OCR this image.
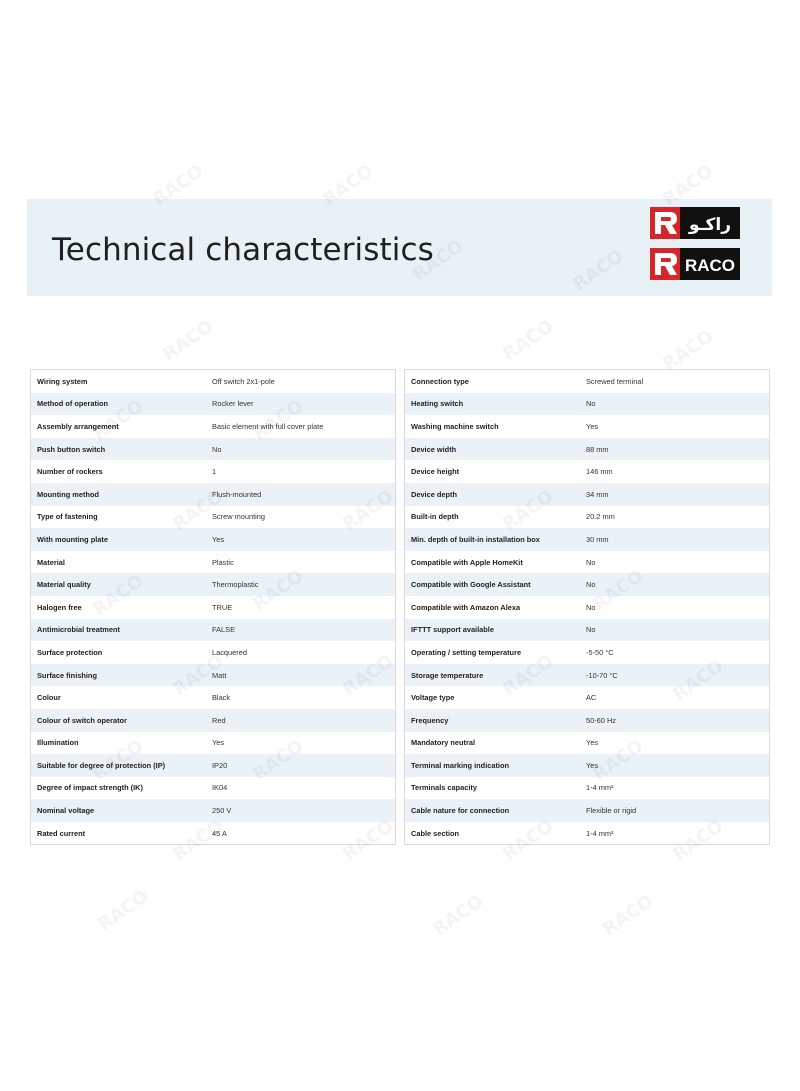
Technical characteristics
راكـو
RACO
Wiring system	Off switch 2x1-pole
Method of operation	Rocker lever
Assembly arrangement	Basic element with full cover plate
Push button switch	No
Number of rockers	1
Mounting method	Flush-mounted
Type of fastening	Screw mounting
With mounting plate	Yes
Material	Plastic
Material quality	Thermoplastic
Halogen free	TRUE
Antimicrobial treatment	FALSE
Surface protection	Lacquered
Surface finishing	Matt
Colour	Black
Colour of switch operator	Red
Illumination	Yes
Suitable for degree of protection (IP)	IP20
Degree of impact strength (IK)	IK04
Nominal voltage	250 V
Rated current	45 A
Connection type	Screwed terminal
Heating switch	No
Washing machine switch	Yes
Device width	88 mm
Device height	146 mm
Device depth	34 mm
Built-in depth	20.2 mm
Min. depth of built-in installation box	30 mm
Compatible with Apple HomeKit	No
Compatible with Google Assistant	No
Compatible with Amazon Alexa	No
IFTTT support available	No
Operating / setting temperature	-5-50 °C
Storage temperature	-10-70 °C
Voltage type	AC
Frequency	50-60 Hz
Mandatory neutral	Yes
Terminal marking indication	Yes
Terminals capacity	1-4 mm²
Cable nature for connection	Flexible or rigid
Cable section	1-4 mm²
